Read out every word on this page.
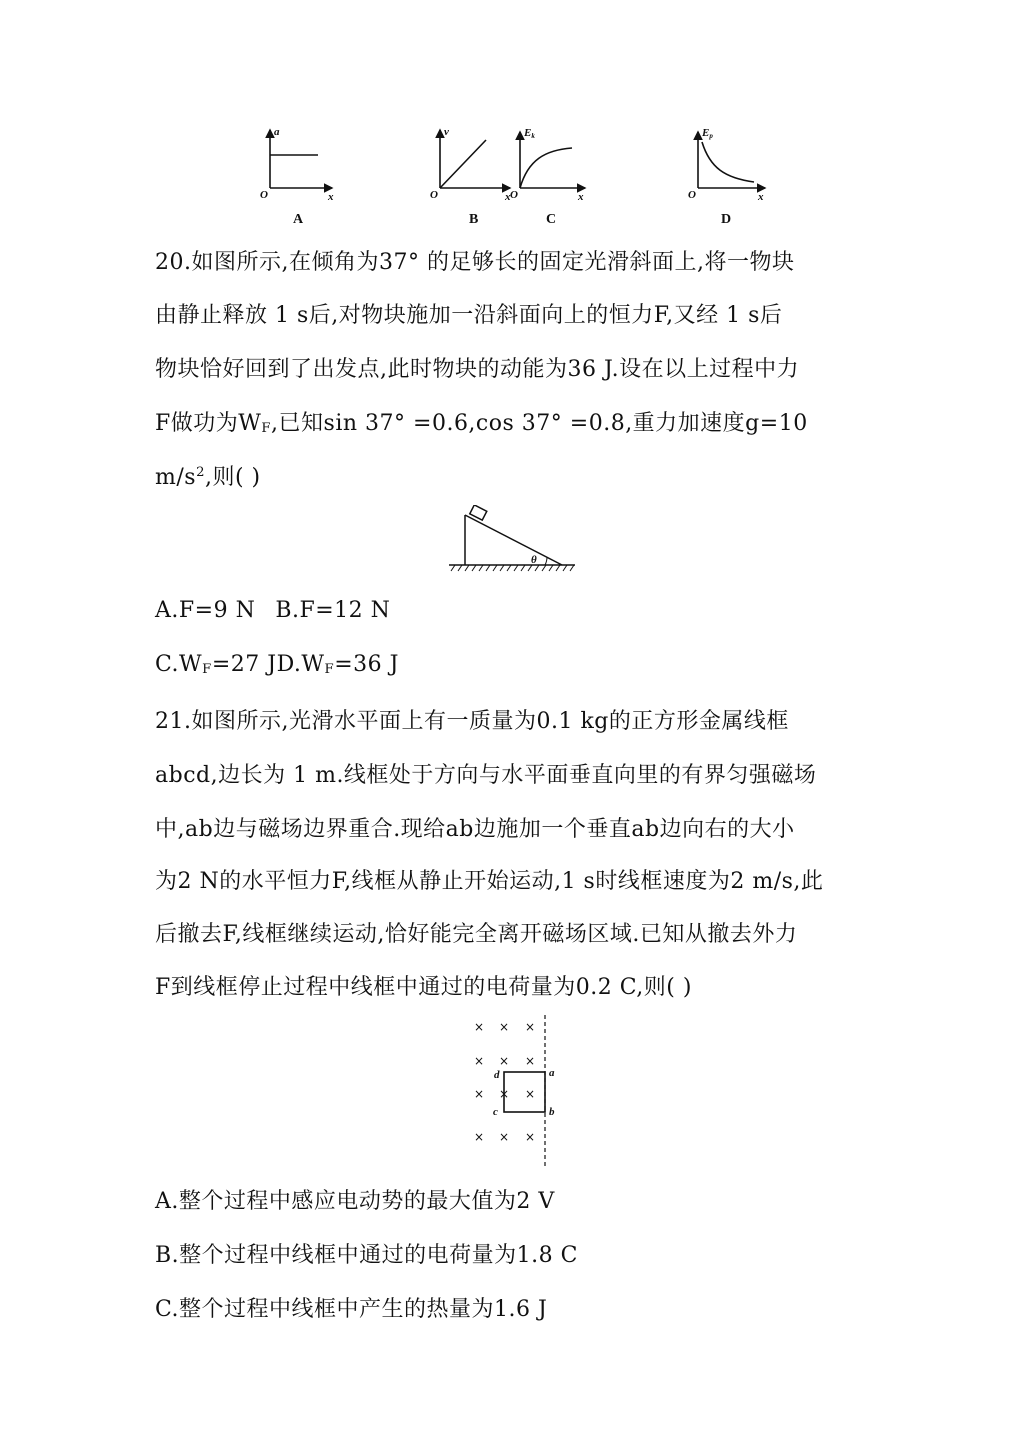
a
O	x
v
O	x
Ek
O	x
Ep
O	x
A	B	C	D
20.如图所示,在倾角为37° 的足够长的固定光滑斜面上,将一物块
由静止释放 1 s后,对物块施加一沿斜面向上的恒力F,又经 1 s后
物块恰好回到了出发点,此时物块的动能为36 J.设在以上过程中力
F做功为$W_F$,已知sin 37° =0.6,cos 37° =0.8,重力加速度g=10
$m/s^2$,则( )
θ
A.F=9 N B.F=12 N
$C.W_F=27$ $JD.W_F=36$ J
21.如图所示,光滑水平面上有一质量为0.1 kg的正方形金属线框
abcd,边长为 1 m.线框处于方向与水平面垂直向里的有界匀强磁场
中,ab边与磁场边界重合.现给ab边施加一个垂直ab边向右的大小
为2 N的水平恒力F,线框从静止开始运动,1 s时线框速度为2 m/s,此
后撤去F,线框继续运动,恰好能完全离开磁场区域.已知从撤去外力
F到线框停止过程中线框中通过的电荷量为0.2 C,则( )
× × ×
× × ×
× × ×
× × ×
a
b
c
d
A.整个过程中感应电动势的最大值为2 V
B.整个过程中线框中通过的电荷量为1.8 C
C.整个过程中线框中产生的热量为1.6 J
